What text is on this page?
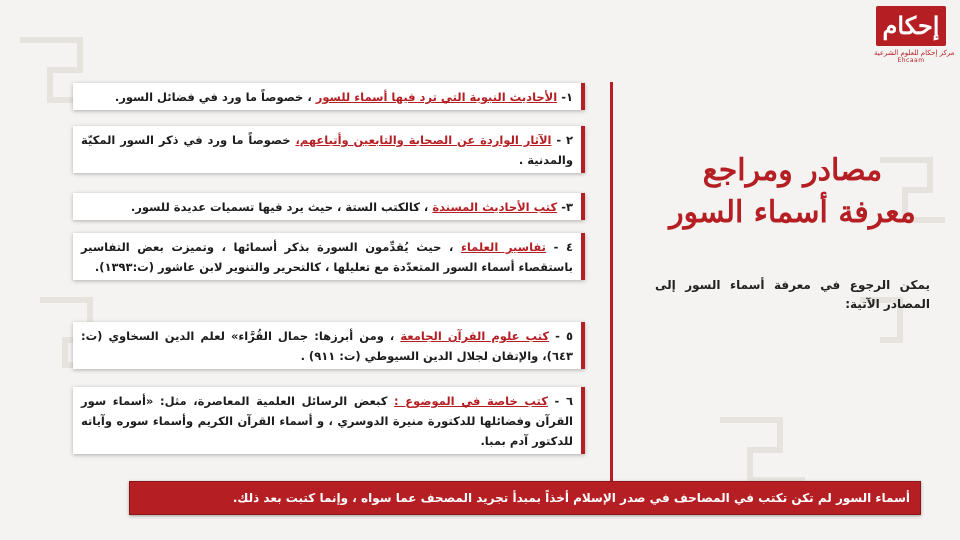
إحكام
مركز إحكام للعلوم الشرعية
Ehcaam
مصادر ومراجع
معرفة أسماء السور
يمكن الرجوع في معرفة أسماء السور إلى المصادر الآتية:
١- الأحاديث النبوية التي ترد فيها أسماء للسور ، خصوصاً ما ورد في فضائل السور.
٢ - الآثار الواردة عن الصحابة والتابعين وأتباعهم، خصوصاً ما ورد في ذكر السور المكيّة والمدنية .
٣- كتب الأحاديث المسندة ، كالكتب الستة ، حيث يرد فيها تسميات عديدة للسور.
٤ - تفاسير العلماء ، حيث يُقدِّمون السورة بذكر أسمائها ، وتميزت بعض التفاسير باستقصاء أسماء السور المتعدّدة مع تعليلها ، كالتحرير والتنوير لابن عاشور (ت:١٣٩٣).
٥ - كتب علوم القرآن الجامعة ، ومن أبرزها: جمال القُرَّاء» لعلم الدين السخاوي (ت: ٦٤٣)، والإتقان لجلال الدين السيوطي (ت: ٩١١) .
٦ - كتب خاصة في الموضوع : كبعض الرسائل العلمية المعاصرة، مثل: «أسماء سور القرآن وفضائلها للدكتورة منيرة الدوسري ، و أسماء القرآن الكريم وأسماء سوره وآياته للدكتور آدم بمبا.
أسماء السور لم تكن تكتب في المصاحف في صدر الإسلام أخذاً بمبدأ تجريد المصحف عما سواه ، وإنما كتبت بعد ذلك.
